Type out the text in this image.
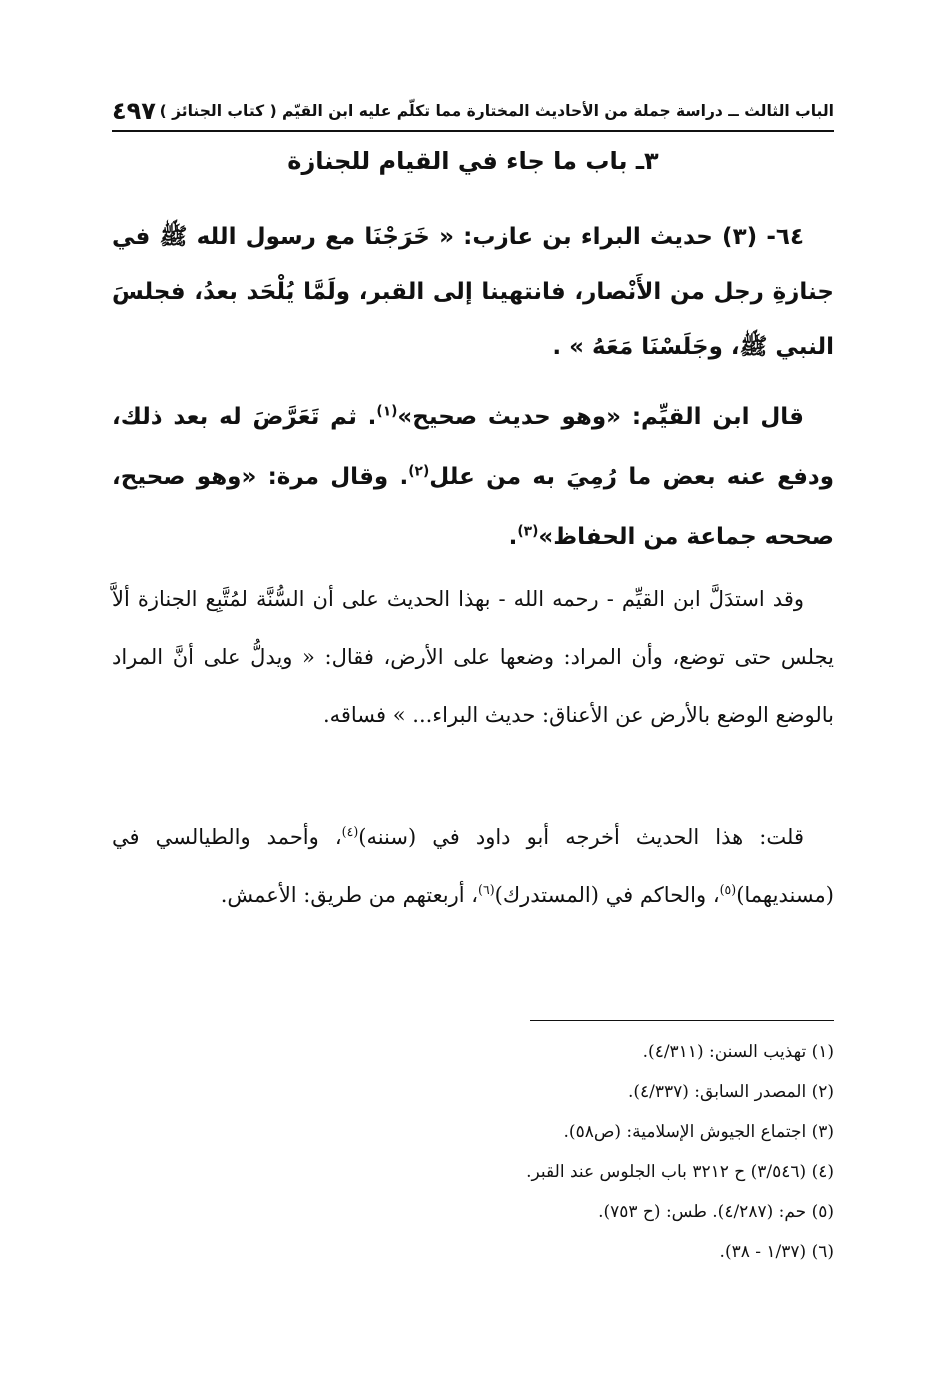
الباب الثالث ــ دراسة جملة من الأحاديث المختارة مما تكلّم عليه ابن القيّم ( كتاب الجنائز )
٤٩٧
٣ـ باب ما جاء في القيام للجنازة

٦٤- (٣) حديث البراء بن عازب: « خَرَجْنَا مع رسول الله ﷺ في جنازةِ رجل من الأَنْصار، فانتهينا إلى القبر، ولَمَّا يُلْحَد بعدُ، فجلسَ النبي ﷺ، وجَلَسْنَا مَعَهُ » .

قال ابن القيِّم: «وهو حديث صحيح»$^{(١)}$. ثم تَعَرَّضَ له بعد ذلك، ودفع عنه بعض ما رُمِيَ به من علل$^{(٢)}$. وقال مرة: «وهو صحيح، صححه جماعة من الحفاظ»$^{(٣)}$.

وقد استدَلَّ ابن القيِّم - رحمه الله - بهذا الحديث على أن السُّنَّة لمُتَّبِع الجنازة ألاَّ يجلس حتى توضع، وأن المراد: وضعها على الأرض، فقال: « ويدلُّ على أنَّ المراد بالوضع الوضع بالأرض عن الأعناق: حديث البراء... » فساقه.

قلت: هذا الحديث أخرجه أبو داود في (سننه)$^{(٤)}$، وأحمد والطيالسي في (مسنديهما)$^{(٥)}$، والحاكم في (المستدرك)$^{(٦)}$، أربعتهم من طريق: الأعمش.

(١) تهذيب السنن: (٤/٣١١).
(٢) المصدر السابق: (٤/٣٣٧).
(٣) اجتماع الجيوش الإسلامية: (ص٥٨).
(٤) (٣/٥٤٦) ح ٣٢١٢ باب الجلوس عند القبر.
(٥) حم: (٤/٢٨٧). طس: (ح ٧٥٣).
(٦) (١/٣٧ - ٣٨).
